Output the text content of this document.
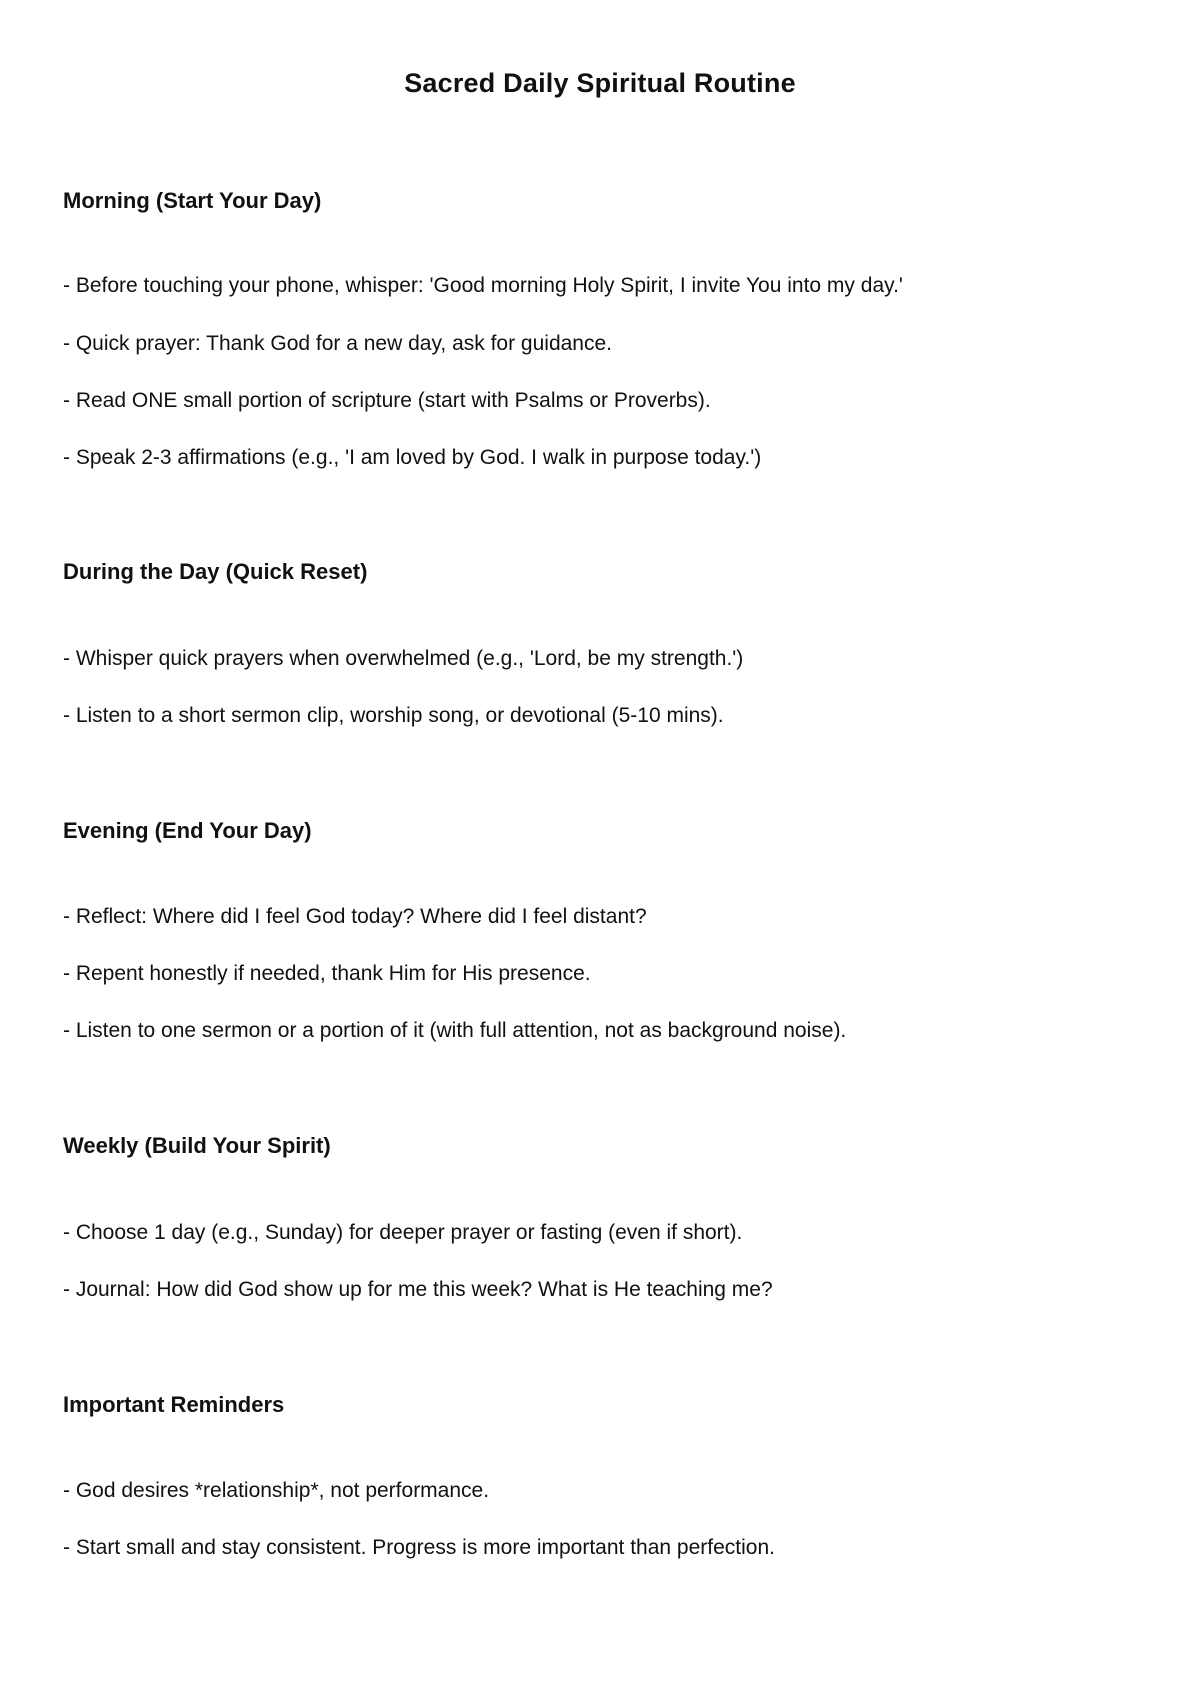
Sacred Daily Spiritual Routine
Morning (Start Your Day)

- Before touching your phone, whisper: 'Good morning Holy Spirit, I invite You into my day.'

- Quick prayer: Thank God for a new day, ask for guidance.

- Read ONE small portion of scripture (start with Psalms or Proverbs).

- Speak 2-3 affirmations (e.g., 'I am loved by God. I walk in purpose today.')

During the Day (Quick Reset)

- Whisper quick prayers when overwhelmed (e.g., 'Lord, be my strength.')

- Listen to a short sermon clip, worship song, or devotional (5-10 mins).

Evening (End Your Day)

- Reflect: Where did I feel God today? Where did I feel distant?

- Repent honestly if needed, thank Him for His presence.

- Listen to one sermon or a portion of it (with full attention, not as background noise).

Weekly (Build Your Spirit)

- Choose 1 day (e.g., Sunday) for deeper prayer or fasting (even if short).

- Journal: How did God show up for me this week? What is He teaching me?

Important Reminders

- God desires *relationship*, not performance.

- Start small and stay consistent. Progress is more important than perfection.
